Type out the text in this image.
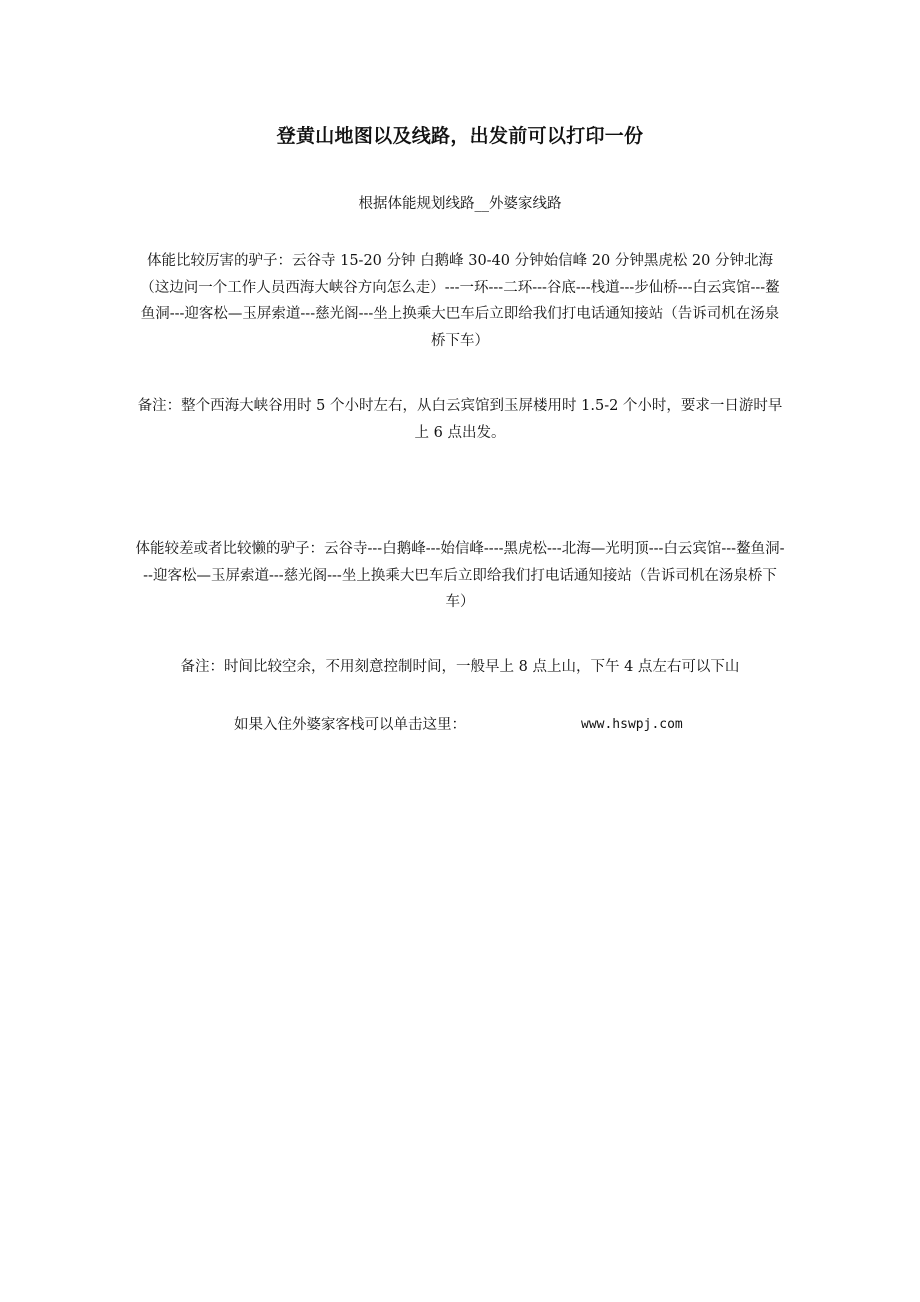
登黄山地图以及线路，出发前可以打印一份
根据体能规划线路__外婆家线路
体能比较厉害的驴子：云谷寺 15-20 分钟 白鹅峰 30-40 分钟始信峰 20 分钟黑虎松 20 分钟北海（这边问一个工作人员西海大峡谷方向怎么走）---一环---二环---谷底---栈道---步仙桥---白云宾馆---鳌鱼洞---迎客松—玉屏索道---慈光阁---坐上换乘大巴车后立即给我们打电话通知接站（告诉司机在汤泉桥下车）
备注：整个西海大峡谷用时 5 个小时左右，从白云宾馆到玉屏楼用时 1.5-2 个小时，要求一日游时早上 6 点出发。
体能较差或者比较懒的驴子：云谷寺---白鹅峰---始信峰----黑虎松---北海—光明顶---白云宾馆---鳌鱼洞---迎客松—玉屏索道---慈光阁---坐上换乘大巴车后立即给我们打电话通知接站（告诉司机在汤泉桥下车）
备注：时间比较空余，不用刻意控制时间，一般早上 8 点上山，下午 4 点左右可以下山
如果入住外婆家客栈可以单击这里：	www.hswpj.com
